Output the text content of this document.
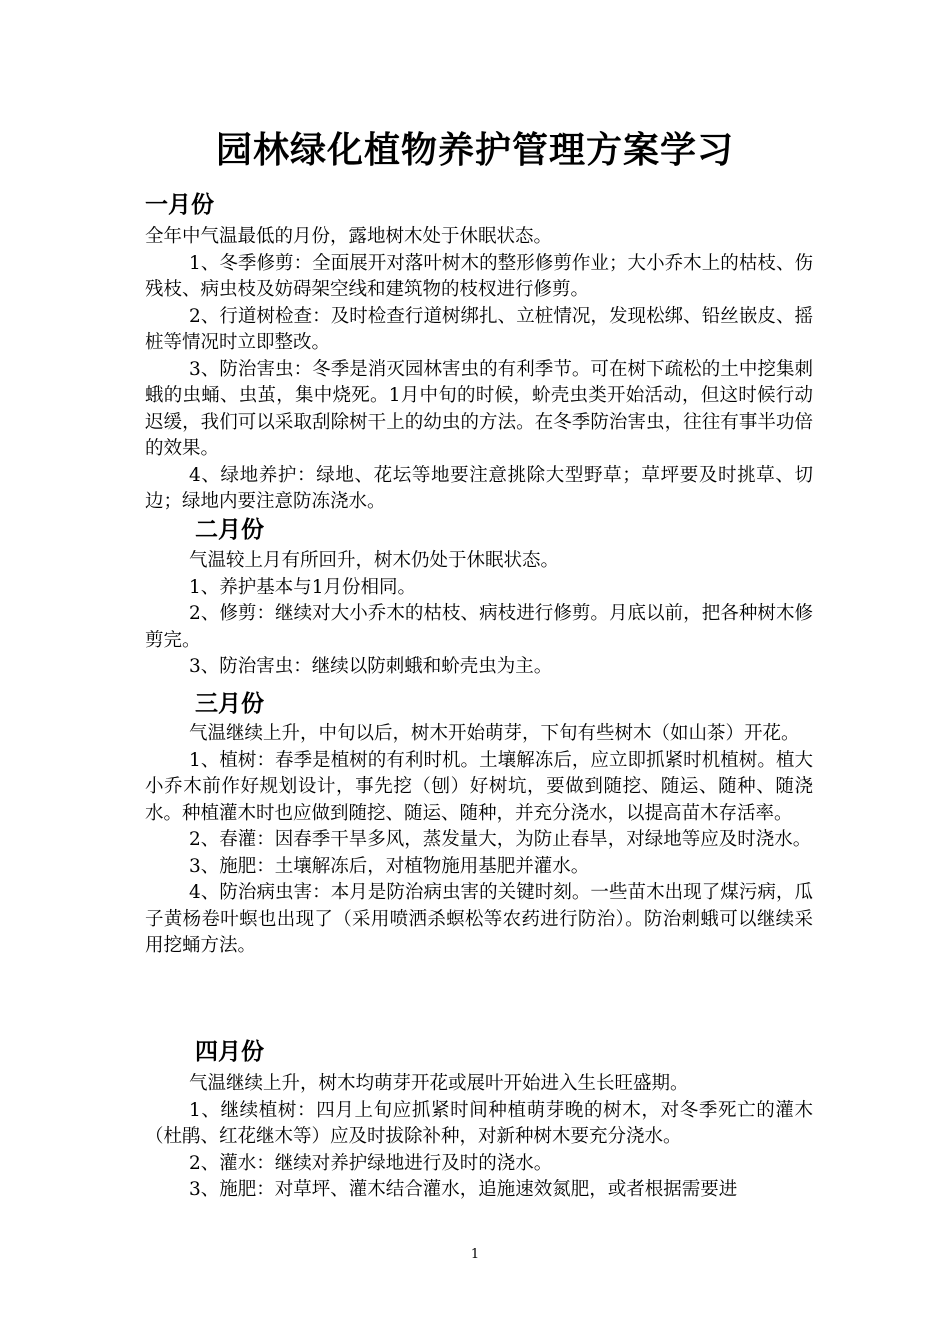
园林绿化植物养护管理方案学习
一月份

全年中气温最低的月份，露地树木处于休眠状态。

1、冬季修剪：全面展开对落叶树木的整形修剪作业；大小乔木上的枯枝、伤残枝、病虫枝及妨碍架空线和建筑物的枝杈进行修剪。

2、行道树检查：及时检查行道树绑扎、立桩情况，发现松绑、铅丝嵌皮、摇桩等情况时立即整改。

3、防治害虫：冬季是消灭园林害虫的有利季节。可在树下疏松的土中挖集刺蛾的虫蛹、虫茧，集中烧死。1月中旬的时候，蚧壳虫类开始活动，但这时候行动迟缓，我们可以采取刮除树干上的幼虫的方法。在冬季防治害虫，往往有事半功倍的效果。

4、绿地养护：绿地、花坛等地要注意挑除大型野草；草坪要及时挑草、切边；绿地内要注意防冻浇水。

二月份

气温较上月有所回升，树木仍处于休眠状态。

1、养护基本与1月份相同。

2、修剪：继续对大小乔木的枯枝、病枝进行修剪。月底以前，把各种树木修剪完。

3、防治害虫：继续以防刺蛾和蚧壳虫为主。

三月份

气温继续上升，中旬以后，树木开始萌芽，下旬有些树木（如山茶）开花。

1、植树：春季是植树的有利时机。土壤解冻后，应立即抓紧时机植树。植大小乔木前作好规划设计，事先挖（刨）好树坑，要做到随挖、随运、随种、随浇水。种植灌木时也应做到随挖、随运、随种，并充分浇水，以提高苗木存活率。

2、春灌：因春季干旱多风，蒸发量大，为防止春旱，对绿地等应及时浇水。

3、施肥：土壤解冻后，对植物施用基肥并灌水。

4、防治病虫害：本月是防治病虫害的关键时刻。一些苗木出现了煤污病，瓜子黄杨卷叶螟也出现了（采用喷洒杀螟松等农药进行防治）。防治刺蛾可以继续采用挖蛹方法。

四月份

气温继续上升，树木均萌芽开花或展叶开始进入生长旺盛期。

1、继续植树：四月上旬应抓紧时间种植萌芽晚的树木，对冬季死亡的灌木（杜鹃、红花继木等）应及时拔除补种，对新种树木要充分浇水。

2、灌水：继续对养护绿地进行及时的浇水。

3、施肥：对草坪、灌木结合灌水，追施速效氮肥，或者根据需要进

1
